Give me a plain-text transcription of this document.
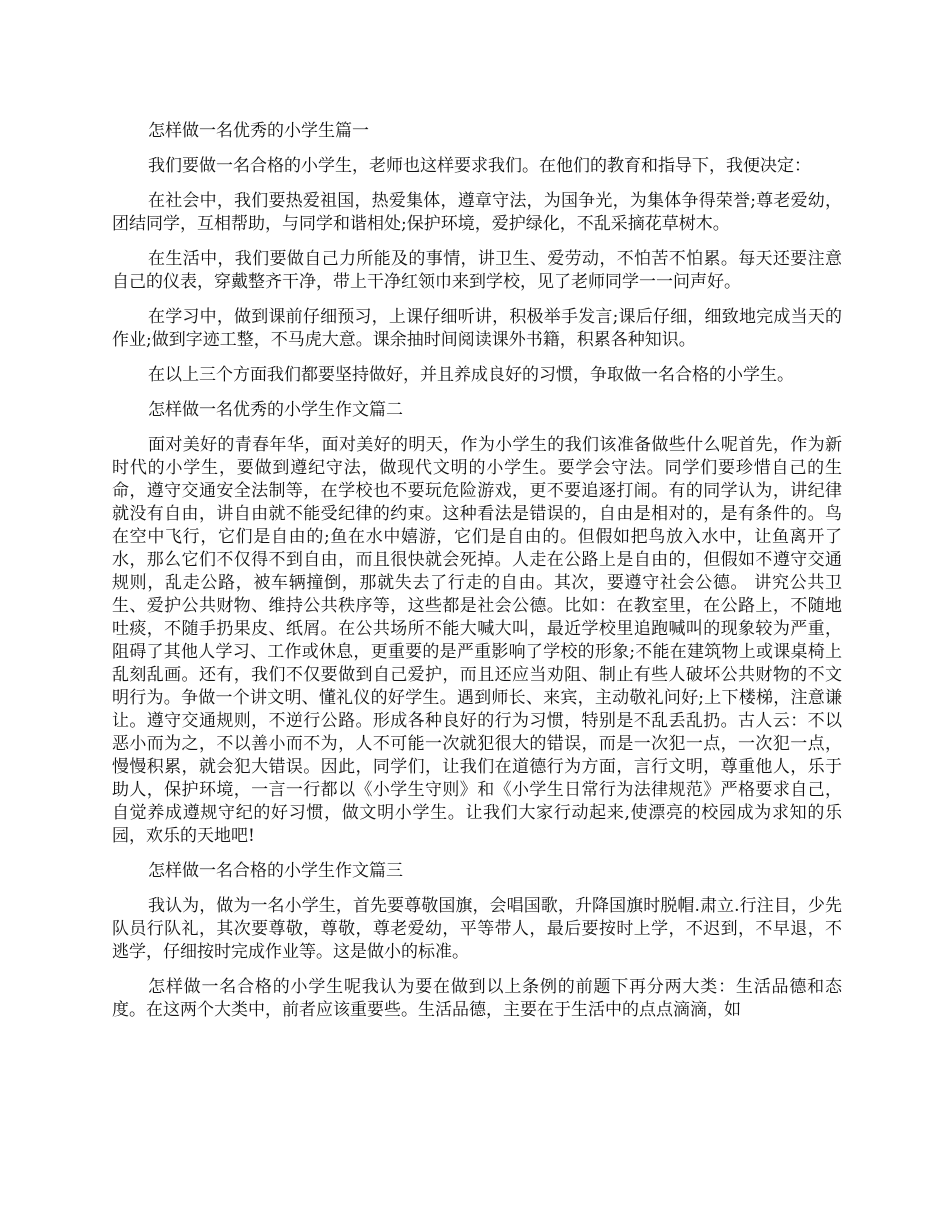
怎样做一名优秀的小学生篇一

我们要做一名合格的小学生，老师也这样要求我们。在他们的教育和指导下，我便决定：

在社会中，我们要热爱祖国，热爱集体，遵章守法，为国争光，为集体争得荣誉;尊老爱幼，团结同学，互相帮助，与同学和谐相处;保护环境，爱护绿化，不乱采摘花草树木。

在生活中，我们要做自己力所能及的事情，讲卫生、爱劳动，不怕苦不怕累。每天还要注意自己的仪表，穿戴整齐干净，带上干净红领巾来到学校，见了老师同学一一问声好。

在学习中，做到课前仔细预习，上课仔细听讲，积极举手发言;课后仔细，细致地完成当天的作业;做到字迹工整，不马虎大意。课余抽时间阅读课外书籍，积累各种知识。

在以上三个方面我们都要坚持做好，并且养成良好的习惯，争取做一名合格的小学生。

怎样做一名优秀的小学生作文篇二

面对美好的青春年华，面对美好的明天，作为小学生的我们该准备做些什么呢首先，作为新时代的小学生，要做到遵纪守法，做现代文明的小学生。要学会守法。同学们要珍惜自己的生命，遵守交通安全法制等，在学校也不要玩危险游戏，更不要追逐打闹。有的同学认为，讲纪律就没有自由，讲自由就不能受纪律的约束。这种看法是错误的，自由是相对的，是有条件的。鸟在空中飞行，它们是自由的;鱼在水中嬉游，它们是自由的。但假如把鸟放入水中，让鱼离开了水，那么它们不仅得不到自由，而且很快就会死掉。人走在公路上是自由的，但假如不遵守交通规则，乱走公路，被车辆撞倒，那就失去了行走的自由。其次，要遵守社会公德。 讲究公共卫生、爱护公共财物、维持公共秩序等，这些都是社会公德。比如：在教室里，在公路上，不随地吐痰，不随手扔果皮、纸屑。在公共场所不能大喊大叫，最近学校里追跑喊叫的现象较为严重，阻碍了其他人学习、工作或休息，更重要的是严重影响了学校的形象;不能在建筑物上或课桌椅上乱刻乱画。还有，我们不仅要做到自己爱护，而且还应当劝阻、制止有些人破坏公共财物的不文明行为。争做一个讲文明、懂礼仪的好学生。遇到师长、来宾，主动敬礼问好;上下楼梯，注意谦让。遵守交通规则，不逆行公路。形成各种良好的行为习惯，特别是不乱丢乱扔。古人云：不以恶小而为之，不以善小而不为，人不可能一次就犯很大的错误，而是一次犯一点，一次犯一点，慢慢积累，就会犯大错误。因此，同学们，让我们在道德行为方面，言行文明，尊重他人，乐于助人，保护环境，一言一行都以《小学生守则》和《小学生日常行为法律规范》严格要求自己，自觉养成遵规守纪的好习惯，做文明小学生。让我们大家行动起来,使漂亮的校园成为求知的乐园，欢乐的天地吧!

怎样做一名合格的小学生作文篇三

我认为，做为一名小学生，首先要尊敬国旗，会唱国歌，升降国旗时脱帽.肃立.行注目，少先队员行队礼，其次要尊敬，尊敬，尊老爱幼，平等带人，最后要按时上学，不迟到，不早退，不逃学，仔细按时完成作业等。这是做小的标准。

怎样做一名合格的小学生呢我认为要在做到以上条例的前题下再分两大类：生活品德和态度。在这两个大类中，前者应该重要些。生活品德，主要在于生活中的点点滴滴，如
